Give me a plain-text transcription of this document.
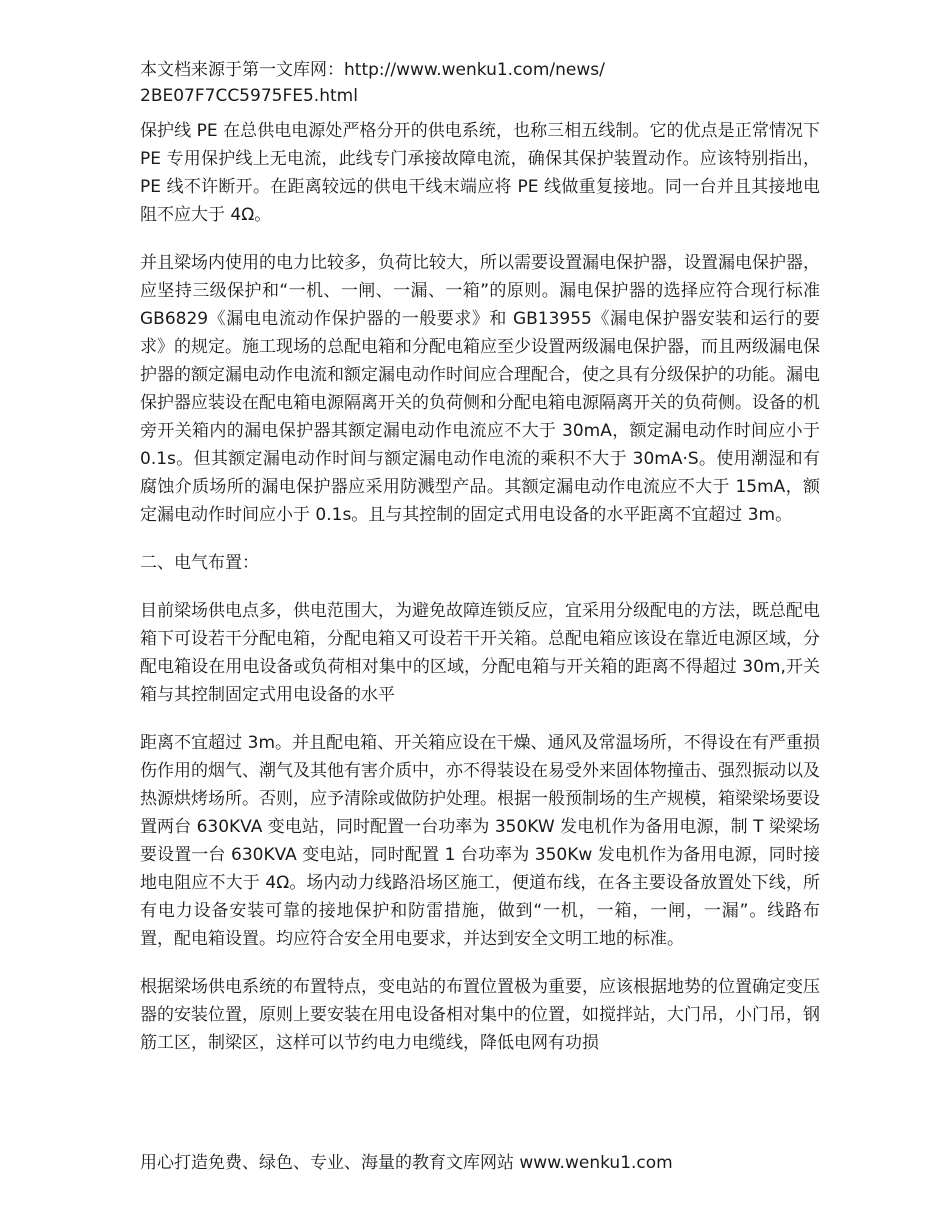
本文档来源于第一文库网：http://www.wenku1.com/news/
2BE07F7CC5975FE5.html

保护线 PE 在总供电电源处严格分开的供电系统，也称三相五线制。它的优点是正常情况下 PE 专用保护线上无电流，此线专门承接故障电流，确保其保护装置动作。应该特别指出，PE 线不许断开。在距离较远的供电干线末端应将 PE 线做重复接地。同一台并且其接地电阻不应大于 4Ω。

并且梁场内使用的电力比较多，负荷比较大，所以需要设置漏电保护器，设置漏电保护器，应坚持三级保护和“一机、一闸、一漏、一箱”的原则。漏电保护器的选择应符合现行标准 GB6829《漏电电流动作保护器的一般要求》和 GB13955《漏电保护器安装和运行的要求》的规定。施工现场的总配电箱和分配电箱应至少设置两级漏电保护器，而且两级漏电保护器的额定漏电动作电流和额定漏电动作时间应合理配合，使之具有分级保护的功能。漏电保护器应装设在配电箱电源隔离开关的负荷侧和分配电箱电源隔离开关的负荷侧。设备的机旁开关箱内的漏电保护器其额定漏电动作电流应不大于 30mA，额定漏电动作时间应小于 0.1s。但其额定漏电动作时间与额定漏电动作电流的乘积不大于 30mA·S。使用潮湿和有腐蚀介质场所的漏电保护器应采用防溅型产品。其额定漏电动作电流应不大于 15mA，额定漏电动作时间应小于 0.1s。且与其控制的固定式用电设备的水平距离不宜超过 3m。

二、电气布置：

目前梁场供电点多，供电范围大，为避免故障连锁反应，宜采用分级配电的方法，既总配电箱下可设若干分配电箱，分配电箱又可设若干开关箱。总配电箱应该设在靠近电源区域，分配电箱设在用电设备或负荷相对集中的区域，分配电箱与开关箱的距离不得超过 30m,开关箱与其控制固定式用电设备的水平

距离不宜超过 3m。并且配电箱、开关箱应设在干燥、通风及常温场所，不得设在有严重损伤作用的烟气、潮气及其他有害介质中，亦不得装设在易受外来固体物撞击、强烈振动以及热源烘烤场所。否则，应予清除或做防护处理。根据一般预制场的生产规模，箱梁梁场要设置两台 630KVA 变电站，同时配置一台功率为 350KW 发电机作为备用电源，制 T 梁梁场要设置一台 630KVA 变电站，同时配置 1 台功率为 350Kw 发电机作为备用电源，同时接地电阻应不大于 4Ω。场内动力线路沿场区施工，便道布线，在各主要设备放置处下线，所有电力设备安装可靠的接地保护和防雷措施，做到“一机，一箱，一闸，一漏”。线路布置，配电箱设置。均应符合安全用电要求，并达到安全文明工地的标准。

根据梁场供电系统的布置特点，变电站的布置位置极为重要，应该根据地势的位置确定变压器的安装位置，原则上要安装在用电设备相对集中的位置，如搅拌站，大门吊，小门吊，钢筋工区，制梁区，这样可以节约电力电缆线，降低电网有功损

用心打造免费、绿色、专业、海量的教育文库网站 www.wenku1.com
